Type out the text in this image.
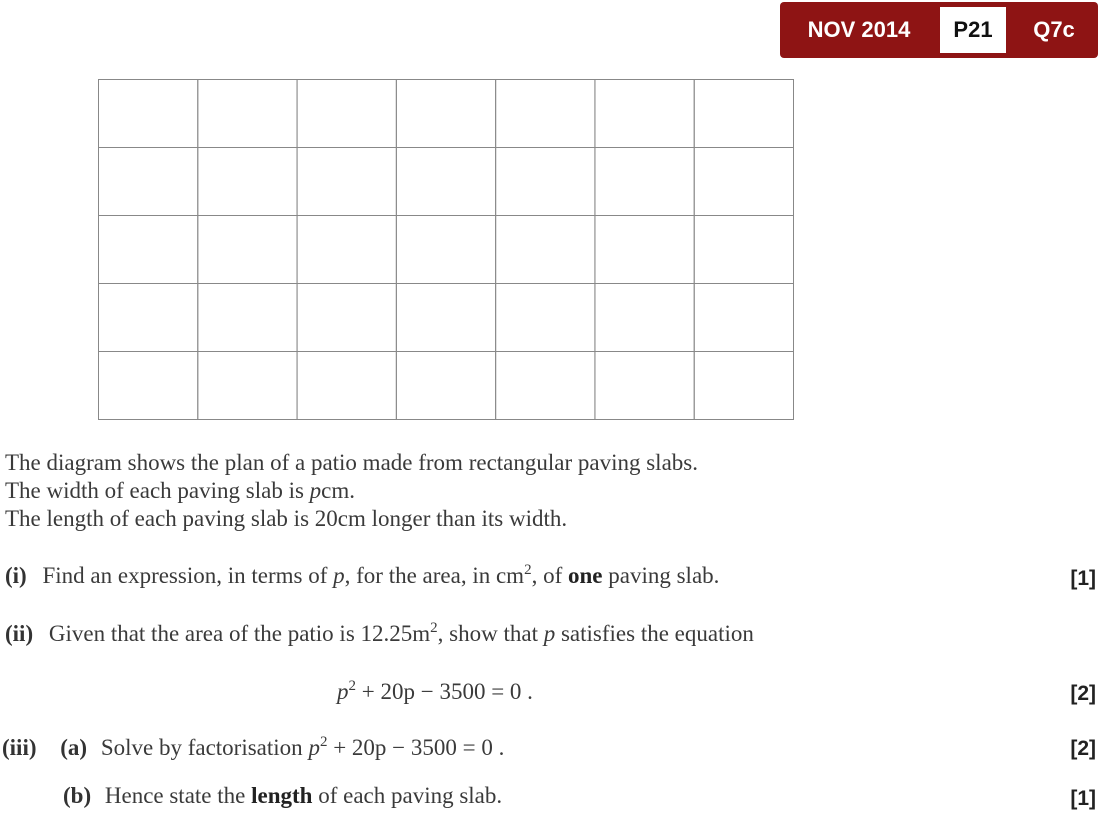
NOV 2014	P21	Q7c
The diagram shows the plan of a patio made from rectangular paving slabs.
The width of each paving slab is pcm.
The length of each paving slab is 20cm longer than its width.
(i) Find an expression, in terms of p, for the area, in $cm^2$, of one paving slab.	[1]
(ii) Given that the area of the patio is $12.25m^2$, show that p satisfies the equation
$p^2 + 20p - 3500 = 0$ .	[2]
(iii) (a) Solve by factorisation $p^2 + 20p - 3500 = 0$ .	[2]
(b) Hence state the length of each paving slab.	[1]
